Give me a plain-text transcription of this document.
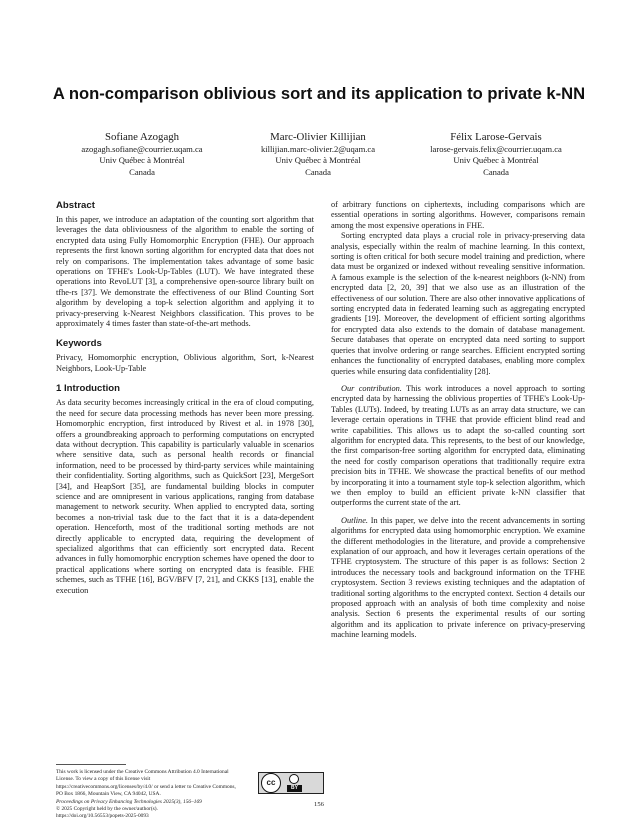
A non-comparison oblivious sort and its application to private k-NN
Sofiane Azogagh
azogagh.sofiane@courrier.uqam.ca
Univ Québec à Montréal
Canada
Marc-Olivier Killijian
killijian.marc-olivier.2@uqam.ca
Univ Québec à Montréal
Canada
Félix Larose-Gervais
larose-gervais.felix@courrier.uqam.ca
Univ Québec à Montréal
Canada
Abstract

In this paper, we introduce an adaptation of the counting sort algorithm that leverages the data obliviousness of the algorithm to enable the sorting of encrypted data using Fully Homomorphic Encryption (FHE). Our approach represents the first known sorting algorithm for encrypted data that does not rely on comparisons. The implementation takes advantage of some basic operations on TFHE's Look-Up-Tables (LUT). We have integrated these operations into RevoLUT [3], a comprehensive open-source library built on tfhe-rs [37]. We demonstrate the effectiveness of our Blind Counting Sort algorithm by developing a top-k selection algorithm and applying it to privacy-preserving k-Nearest Neighbors classification. This proves to be approximately 4 times faster than state-of-the-art methods.

Keywords

Privacy, Homomorphic encryption, Oblivious algorithm, Sort, k-Nearest Neighbors, Look-Up-Table

1 Introduction

As data security becomes increasingly critical in the era of cloud computing, the need for secure data processing methods has never been more pressing. Homomorphic encryption, first introduced by Rivest et al. in 1978 [30], offers a groundbreaking approach to performing computations on encrypted data without decryption. This capability is particularly valuable in scenarios where sensitive data, such as personal health records or financial information, need to be processed by third-party services while maintaining their confidentiality. Sorting algorithms, such as QuickSort [23], MergeSort [34], and HeapSort [35], are fundamental building blocks in computer science and are omnipresent in various applications, ranging from database management to network security. When applied to encrypted data, sorting becomes a non-trivial task due to the fact that it is a data-dependent operation. Henceforth, most of the traditional sorting methods are not directly applicable to encrypted data, requiring the development of specialized algorithms that can efficiently sort encrypted data. Recent advances in fully homomorphic encryption schemes have opened the door to practical applications where sorting on encrypted data is feasible. FHE schemes, such as TFHE [16], BGV/BFV [7, 21], and CKKS [13], enable the execution

of arbitrary functions on ciphertexts, including comparisons which are essential operations in sorting algorithms. However, comparisons remain among the most expensive operations in FHE.

Sorting encrypted data plays a crucial role in privacy-preserving data analysis, especially within the realm of machine learning. In this context, sorting is often critical for both secure model training and prediction, where data must be organized or indexed without revealing sensitive information. A famous example is the selection of the k-nearest neighbors (k-NN) from encrypted data [2, 20, 39] that we also use as an illustration of the effectiveness of our solution. There are also other innovative applications of sorting encrypted data in federated learning such as aggregating encrypted gradients [19]. Moreover, the development of efficient sorting algorithms for encrypted data also extends to the domain of database management. Secure databases that operate on encrypted data need sorting to support queries that involve ordering or range searches. Efficient encrypted sorting enhances the functionality of encrypted databases, enabling more complex queries while ensuring data confidentiality [28].

Our contribution. This work introduces a novel approach to sorting encrypted data by harnessing the oblivious properties of TFHE's Look-Up-Tables (LUTs). Indeed, by treating LUTs as an array data structure, we can leverage certain operations in TFHE that provide efficient blind read and write capabilities. This allows us to adapt the so-called counting sort algorithm for encrypted data. This represents, to the best of our knowledge, the first comparison-free sorting algorithm for encrypted data, eliminating the need for costly comparison operations that traditionally require extra precision bits in TFHE. We showcase the practical benefits of our method by incorporating it into a tournament style top-k selection algorithm, which we then employ to build an efficient private k-NN classifier that outperforms the current state of the art.

Outline. In this paper, we delve into the recent advancements in sorting algorithms for encrypted data using homomorphic encryption. We examine the different methodologies in the literature, and provide a comprehensive explanation of our approach, and how it leverages certain operations of the TFHE cryptosystem. The structure of this paper is as follows: Section 2 introduces the necessary tools and background information on the TFHE cryptosystem. Section 3 reviews existing techniques and the adaptation of traditional sorting algorithms to the encrypted context. Section 4 details our proposed approach with an analysis of both time complexity and noise analysis. Section 6 presents the experimental results of our sorting algorithm and its application to private inference on privacy-preserving machine learning models.

This work is licensed under the Creative Commons Attribution 4.0 International License. To view a copy of this license visit https://creativecommons.org/licenses/by/4.0/ or send a letter to Creative Commons, PO Box 1866, Mountain View, CA 94042, USA.
Proceedings on Privacy Enhancing Technologies 2025(3), 156–169
© 2025 Copyright held by the owner/author(s).
https://doi.org/10.56553/popets-2025-0093
cc
BY
156
